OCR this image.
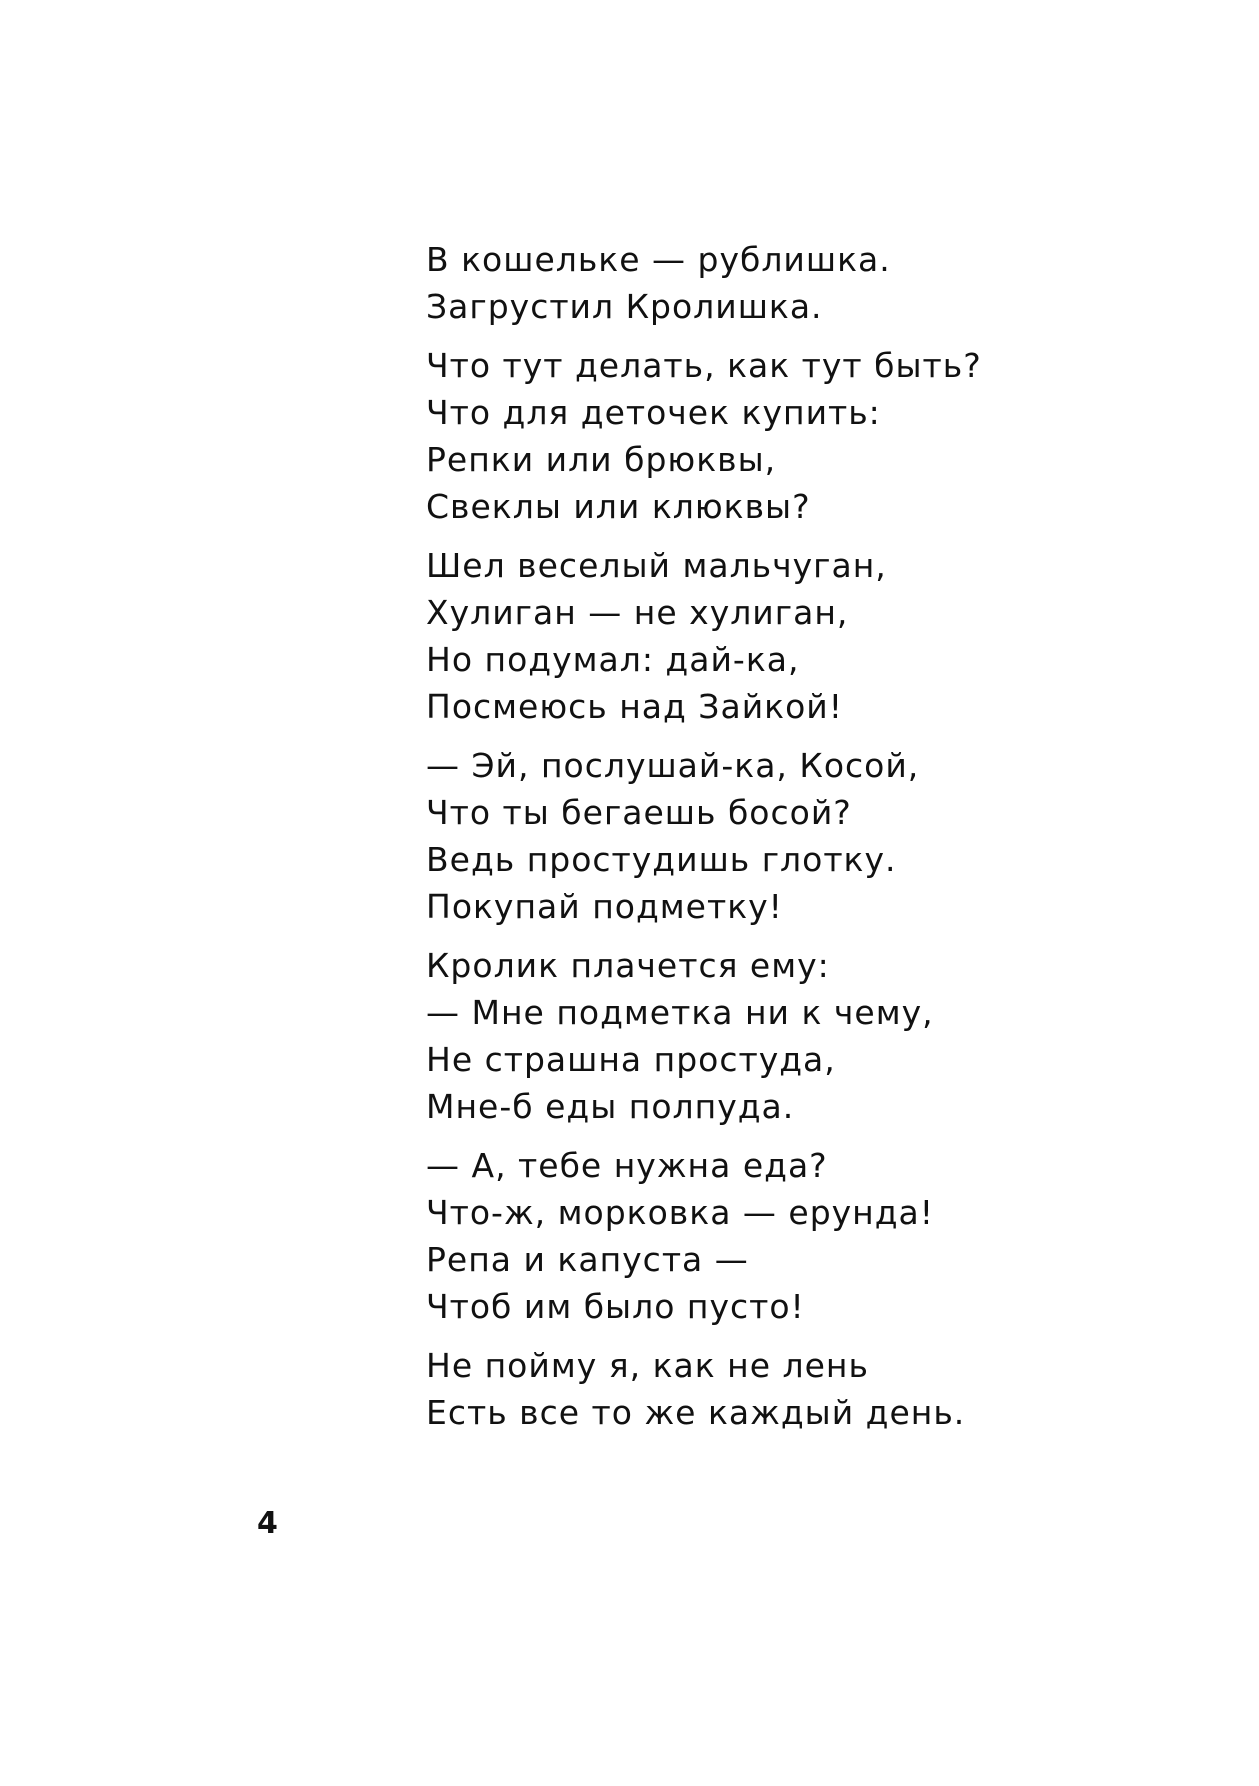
В кошельке — рублишка.
Загрустил Кролишка.
Что тут делать, как тут быть?
Что для деточек купить:
Репки или брюквы,
Свеклы или клюквы?
Шел веселый мальчуган,
Хулиган — не хулиган,
Но подумал: дай-ка,
Посмеюсь над Зайкой!
— Эй, послушай-ка, Косой,
Что ты бегаешь босой?
Ведь простудишь глотку.
Покупай подметку!
Кролик плачется ему:
— Мне подметка ни к чему,
Не страшна простуда,
Мне-б еды полпуда.
— А, тебе нужна еда?
Что-ж, морковка — ерунда!
Репа и капуста —
Чтоб им было пусто!
Не пойму я, как не лень
Есть все то же каждый день.
4
